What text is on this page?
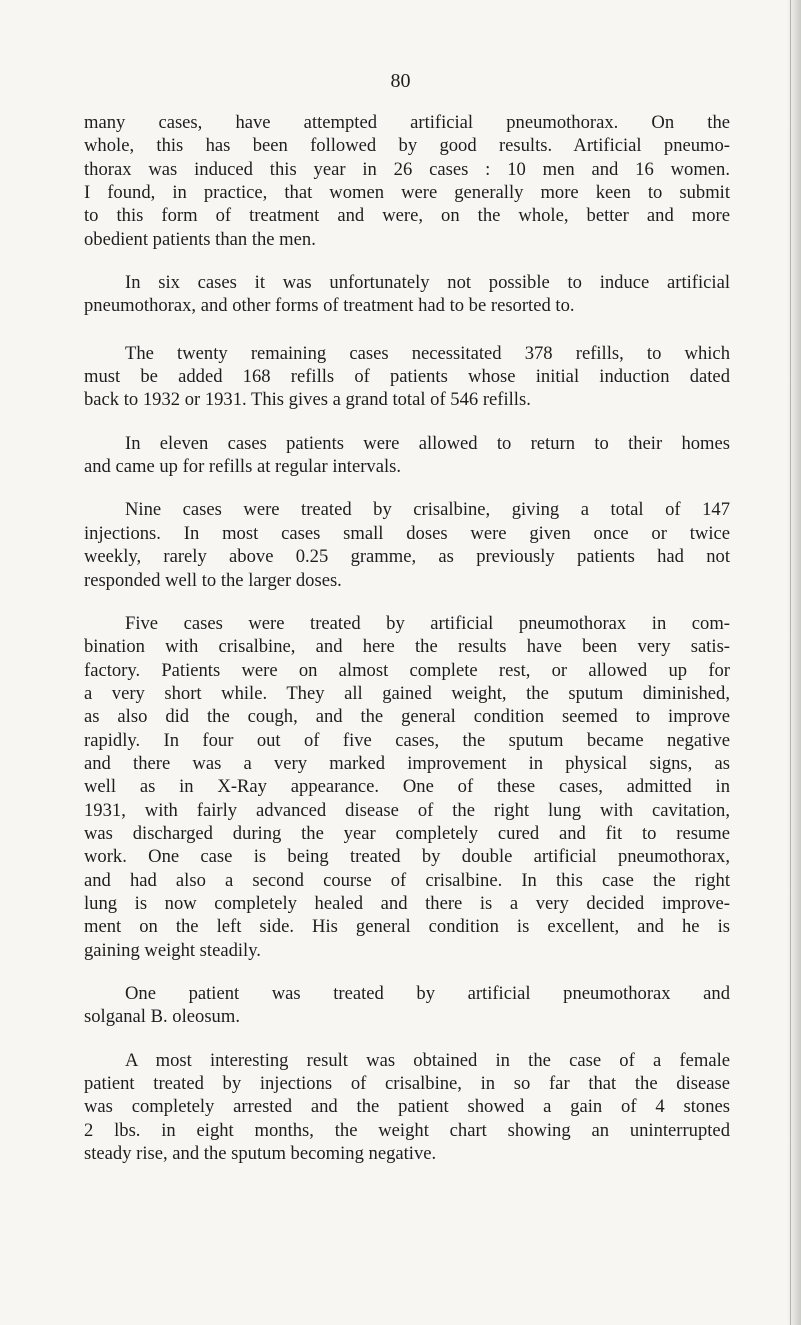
80
many cases, have attempted artificial pneumothorax. On the
whole, this has been followed by good results. Artificial pneumo-
thorax was induced this year in 26 cases : 10 men and 16 women.
I found, in practice, that women were generally more keen to submit
to this form of treatment and were, on the whole, better and more
obedient patients than the men.
In six cases it was unfortunately not possible to induce artificial
pneumothorax, and other forms of treatment had to be resorted to.
The twenty remaining cases necessitated 378 refills, to which
must be added 168 refills of patients whose initial induction dated
back to 1932 or 1931. This gives a grand total of 546 refills.
In eleven cases patients were allowed to return to their homes
and came up for refills at regular intervals.
Nine cases were treated by crisalbine, giving a total of 147
injections. In most cases small doses were given once or twice
weekly, rarely above 0.25 gramme, as previously patients had not
responded well to the larger doses.
Five cases were treated by artificial pneumothorax in com-
bination with crisalbine, and here the results have been very satis-
factory. Patients were on almost complete rest, or allowed up for
a very short while. They all gained weight, the sputum diminished,
as also did the cough, and the general condition seemed to improve
rapidly. In four out of five cases, the sputum became negative
and there was a very marked improvement in physical signs, as
well as in X-Ray appearance. One of these cases, admitted in
1931, with fairly advanced disease of the right lung with cavitation,
was discharged during the year completely cured and fit to resume
work. One case is being treated by double artificial pneumothorax,
and had also a second course of crisalbine. In this case the right
lung is now completely healed and there is a very decided improve-
ment on the left side. His general condition is excellent, and he is
gaining weight steadily.
One patient was treated by artificial pneumothorax and
solganal B. oleosum.
A most interesting result was obtained in the case of a female
patient treated by injections of crisalbine, in so far that the disease
was completely arrested and the patient showed a gain of 4 stones
2 lbs. in eight months, the weight chart showing an uninterrupted
steady rise, and the sputum becoming negative.
